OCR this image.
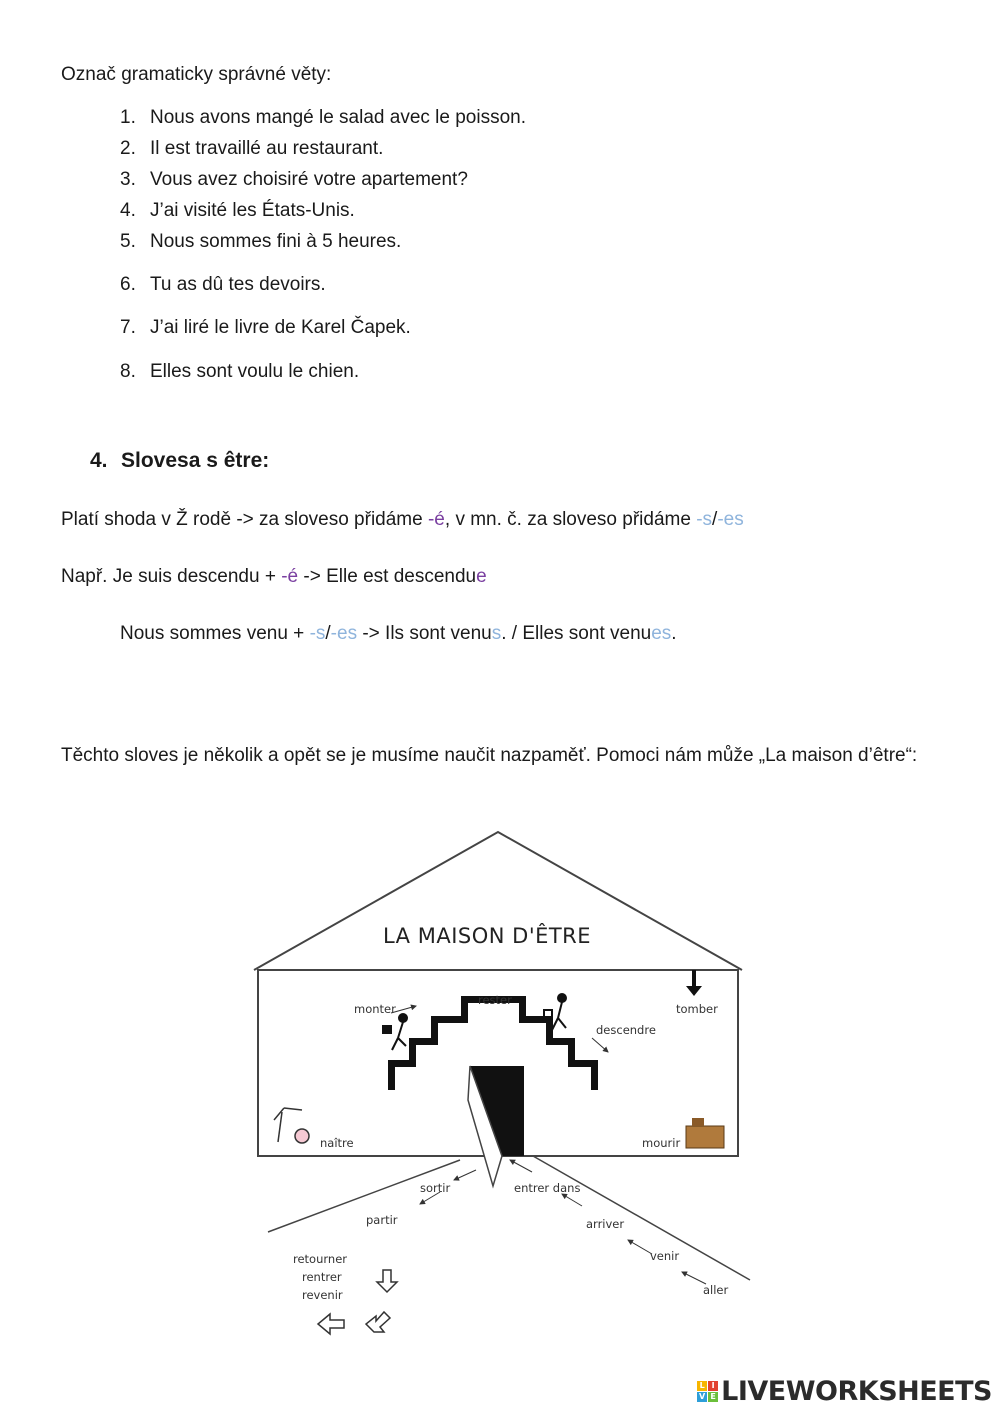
Označ gramaticky správné věty:
1. Nous avons mangé le salad avec le poisson.
2. Il est travaillé au restaurant.
3. Vous avez choisiré votre apartement?
4. J’ai visité les États-Unis.
5. Nous sommes fini à 5 heures.
6. Tu as dû tes devoirs.
7. J’ai liré le livre de Karel Čapek.
8. Elles sont voulu le chien.
4. Slovesa s être:
Platí shoda v Ž rodě -> za sloveso přidáme -é, v mn. č. za sloveso přidáme -s/-es
Např. Je suis descendu + -é -> Elle est descendue
Nous sommes venu + -s/-es -> Ils sont venus. / Elles sont venues.
Těchto sloves je několik a opět se je musíme naučit nazpaměť. Pomoci nám může „La maison d’être“:
LA MAISON D'ÊTRE
monter
rester
descendre
tomber
naître	mourir
sortir	entrer dans
partir	arriver
venir
aller
retourner
rentrer
revenir
L I
V E LIVEWORKSHEETS
